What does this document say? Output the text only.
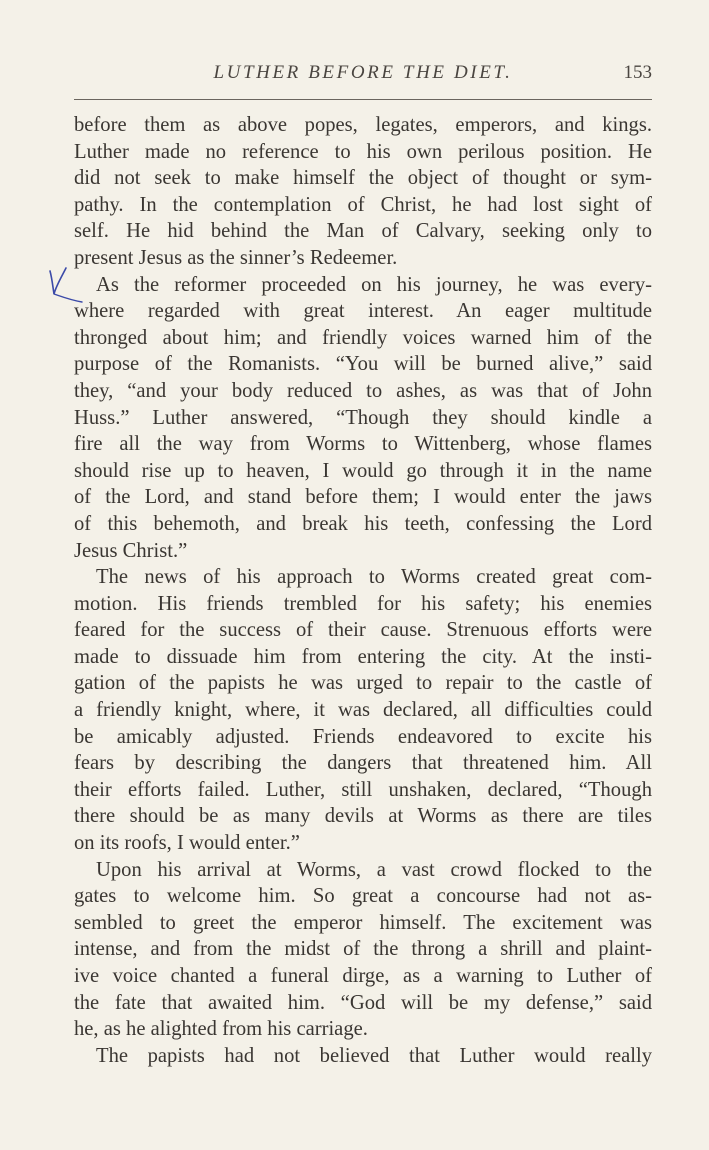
LUTHER BEFORE THE DIET.	153

before them as above popes, legates, emperors, and kings.
Luther made no reference to his own perilous position. He
did not seek to make himself the object of thought or sym-
pathy. In the contemplation of Christ, he had lost sight of
self. He hid behind the Man of Calvary, seeking only to
present Jesus as the sinner’s Redeemer.

As the reformer proceeded on his journey, he was every-
where regarded with great interest. An eager multitude
thronged about him; and friendly voices warned him of the
purpose of the Romanists. “You will be burned alive,” said
they, “and your body reduced to ashes, as was that of John
Huss.” Luther answered, “Though they should kindle a
fire all the way from Worms to Wittenberg, whose flames
should rise up to heaven, I would go through it in the name
of the Lord, and stand before them; I would enter the jaws
of this behemoth, and break his teeth, confessing the Lord
Jesus Christ.”

The news of his approach to Worms created great com-
motion. His friends trembled for his safety; his enemies
feared for the success of their cause. Strenuous efforts were
made to dissuade him from entering the city. At the insti-
gation of the papists he was urged to repair to the castle of
a friendly knight, where, it was declared, all difficulties could
be amicably adjusted. Friends endeavored to excite his
fears by describing the dangers that threatened him. All
their efforts failed. Luther, still unshaken, declared, “Though
there should be as many devils at Worms as there are tiles
on its roofs, I would enter.”

Upon his arrival at Worms, a vast crowd flocked to the
gates to welcome him. So great a concourse had not as-
sembled to greet the emperor himself. The excitement was
intense, and from the midst of the throng a shrill and plaint-
ive voice chanted a funeral dirge, as a warning to Luther of
the fate that awaited him. “God will be my defense,” said
he, as he alighted from his carriage.

The papists had not believed that Luther would really
